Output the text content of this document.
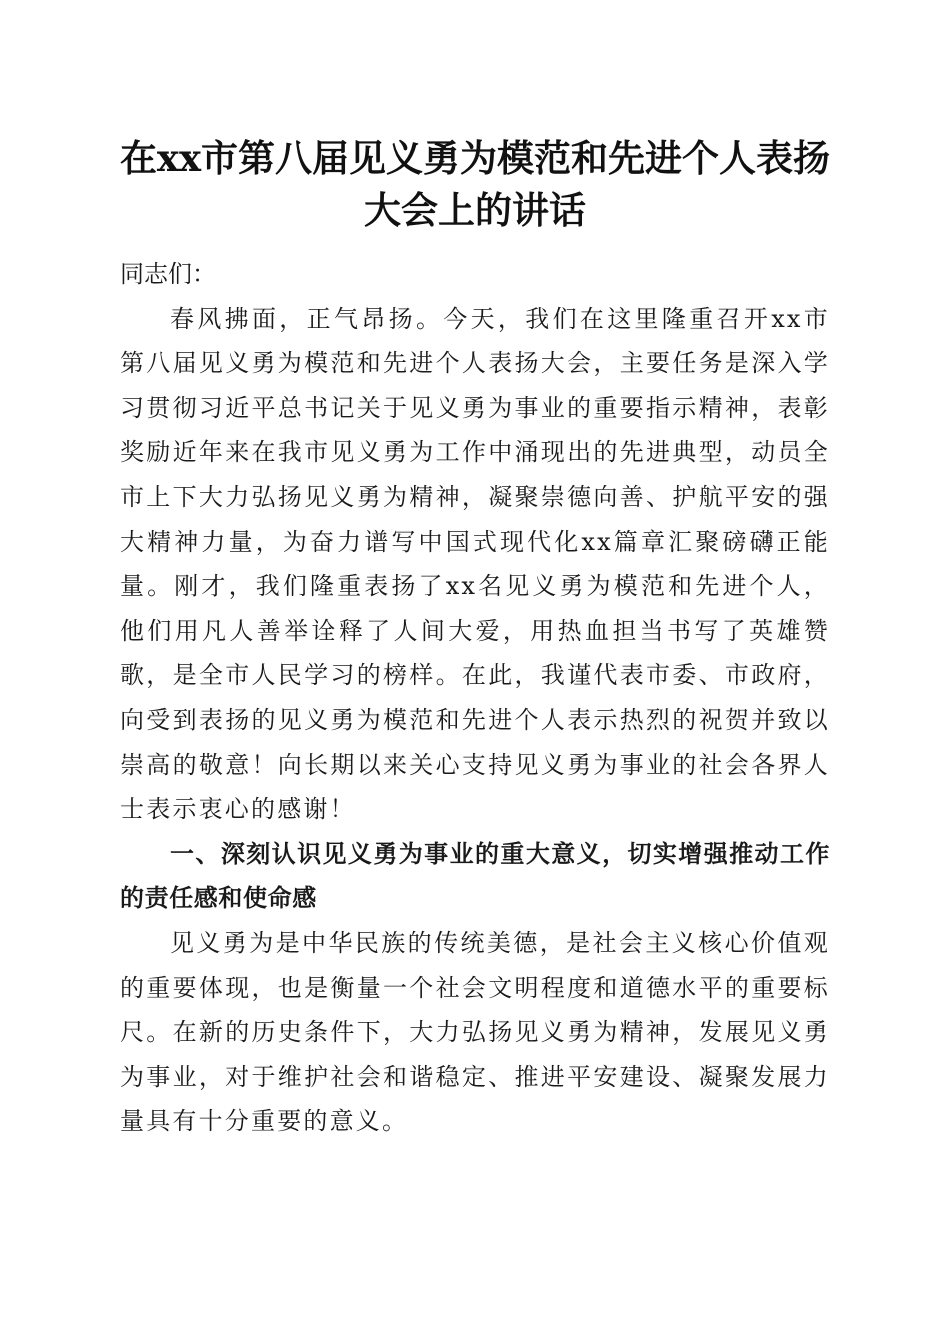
在xx市第八届见义勇为模范和先进个人表扬
大会上的讲话

同志们：

春风拂面，正气昂扬。今天，我们在这里隆重召开xx市第八届见义勇为模范和先进个人表扬大会，主要任务是深入学习贯彻习近平总书记关于见义勇为事业的重要指示精神，表彰奖励近年来在我市见义勇为工作中涌现出的先进典型，动员全市上下大力弘扬见义勇为精神，凝聚崇德向善、护航平安的强大精神力量，为奋力谱写中国式现代化xx篇章汇聚磅礴正能量。刚才，我们隆重表扬了xx名见义勇为模范和先进个人，他们用凡人善举诠释了人间大爱，用热血担当书写了英雄赞歌，是全市人民学习的榜样。在此，我谨代表市委、市政府，向受到表扬的见义勇为模范和先进个人表示热烈的祝贺并致以崇高的敬意！向长期以来关心支持见义勇为事业的社会各界人士表示衷心的感谢！

一、深刻认识见义勇为事业的重大意义，切实增强推动工作的责任感和使命感

见义勇为是中华民族的传统美德，是社会主义核心价值观的重要体现，也是衡量一个社会文明程度和道德水平的重要标尺。在新的历史条件下，大力弘扬见义勇为精神，发展见义勇为事业，对于维护社会和谐稳定、推进平安建设、凝聚发展力量具有十分重要的意义。
